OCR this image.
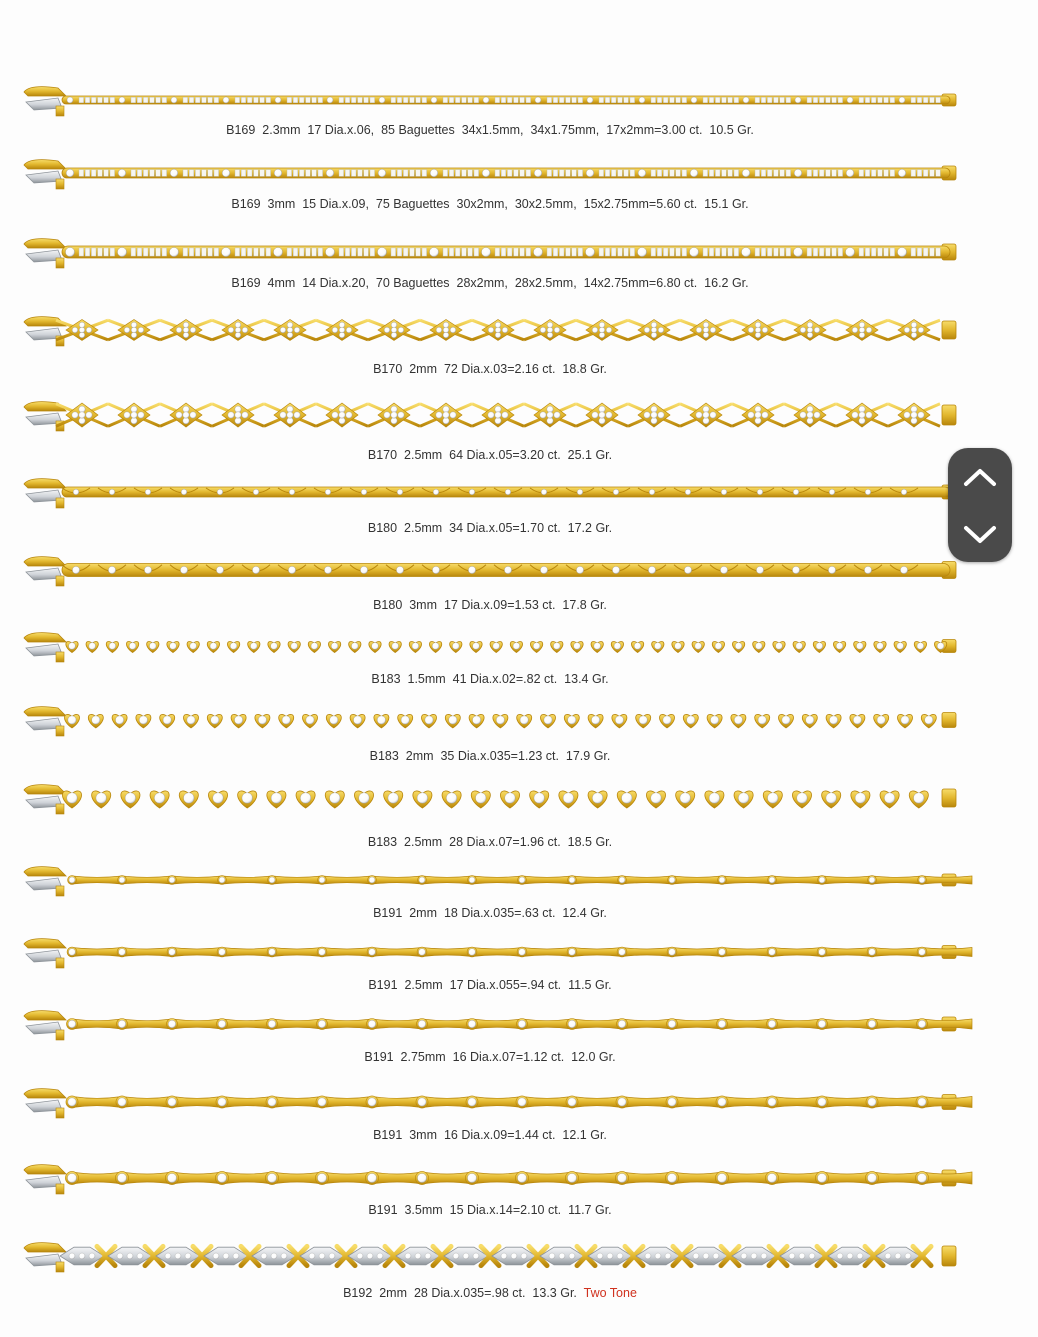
B169  2.3mm  17 Dia.x.06,  85 Baguettes  34x1.5mm,  34x1.75mm,  17x2mm=3.00 ct.  10.5 Gr.
B169  3mm  15 Dia.x.09,  75 Baguettes  30x2mm,  30x2.5mm,  15x2.75mm=5.60 ct.  15.1 Gr.
B169  4mm  14 Dia.x.20,  70 Baguettes  28x2mm,  28x2.5mm,  14x2.75mm=6.80 ct.  16.2 Gr.
B170  2mm  72 Dia.x.03=2.16 ct.  18.8 Gr.
B170  2.5mm  64 Dia.x.05=3.20 ct.  25.1 Gr.
B180  2.5mm  34 Dia.x.05=1.70 ct.  17.2 Gr.
B180  3mm  17 Dia.x.09=1.53 ct.  17.8 Gr.
B183  1.5mm  41 Dia.x.02=.82 ct.  13.4 Gr.
B183  2mm  35 Dia.x.035=1.23 ct.  17.9 Gr.
B183  2.5mm  28 Dia.x.07=1.96 ct.  18.5 Gr.
B191  2mm  18 Dia.x.035=.63 ct.  12.4 Gr.
B191  2.5mm  17 Dia.x.055=.94 ct.  11.5 Gr.
B191  2.75mm  16 Dia.x.07=1.12 ct.  12.0 Gr.
B191  3mm  16 Dia.x.09=1.44 ct.  12.1 Gr.
B191  3.5mm  15 Dia.x.14=2.10 ct.  11.7 Gr.
B192  2mm  28 Dia.x.035=.98 ct.  13.3 Gr. Two Tone
